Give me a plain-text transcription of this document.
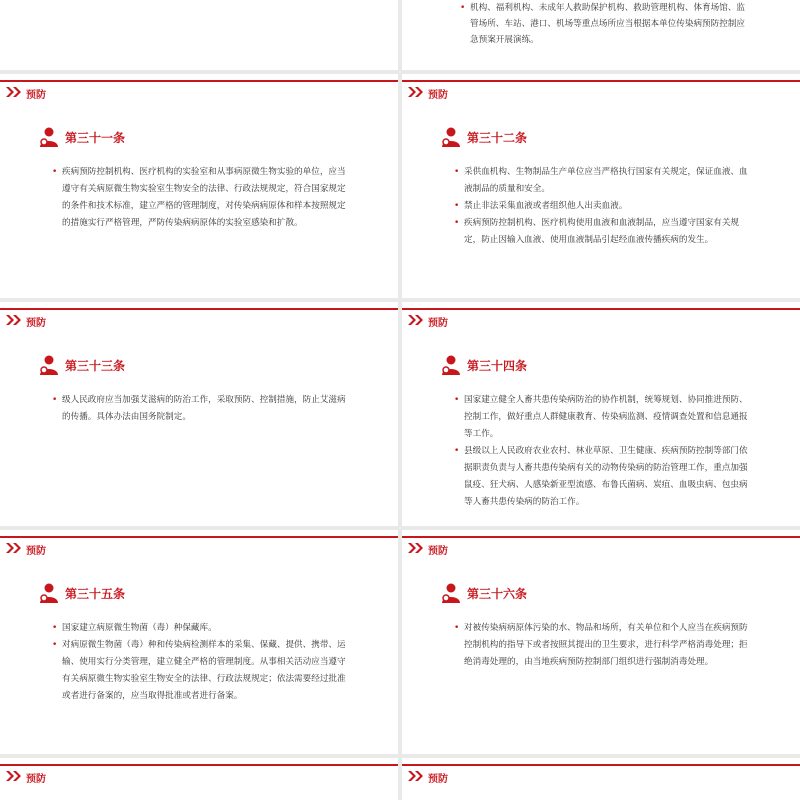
• 机构、福利机构、未成年人救助保护机构、救助管理机构、体育场馆、监
管场所、车站、港口、机场等重点场所应当根据本单位传染病预防控制应
急预案开展演练。
预防
第三十一条
• 疾病预防控制机构、医疗机构的实验室和从事病原微生物实验的单位，应当遵守有关病原微生物实验室生物安全的法律、行政法规规定，符合国家规定的条件和技术标准，建立严格的管理制度，对传染病病原体和样本按照规定的措施实行严格管理，严防传染病病原体的实验室感染和扩散。
预防
第三十二条
• 采供血机构、生物制品生产单位应当严格执行国家有关规定，保证血液、血液制品的质量和安全。
• 禁止非法采集血液或者组织他人出卖血液。
• 疾病预防控制机构、医疗机构使用血液和血液制品，应当遵守国家有关规定，防止因输入血液、使用血液制品引起经血液传播疾病的发生。
预防
第三十三条
• 级人民政府应当加强艾滋病的防治工作，采取预防、控制措施，防止艾滋病的传播。具体办法由国务院制定。
预防
第三十四条
• 国家建立健全人畜共患传染病防治的协作机制，统筹规划、协同推进预防、控制工作，做好重点人群健康教育、传染病监测、疫情调查处置和信息通报等工作。
• 县级以上人民政府农业农村、林业草原、卫生健康、疾病预防控制等部门依据职责负责与人畜共患传染病有关的动物传染病的防治管理工作，重点加强鼠疫、狂犬病、人感染新亚型流感、布鲁氏菌病、炭疽、血吸虫病、包虫病等人畜共患传染病的防治工作。
预防
第三十五条
• 国家建立病原微生物菌（毒）种保藏库。
• 对病原微生物菌（毒）种和传染病检测样本的采集、保藏、提供、携带、运输、使用实行分类管理，建立健全严格的管理制度。从事相关活动应当遵守有关病原微生物实验室生物安全的法律、行政法规规定；依法需要经过批准或者进行备案的，应当取得批准或者进行备案。
预防
第三十六条
• 对被传染病病原体污染的水、物品和场所，有关单位和个人应当在疾病预防控制机构的指导下或者按照其提出的卫生要求，进行科学严格消毒处理；拒绝消毒处理的，由当地疾病预防控制部门组织进行强制消毒处理。
预防	预防
